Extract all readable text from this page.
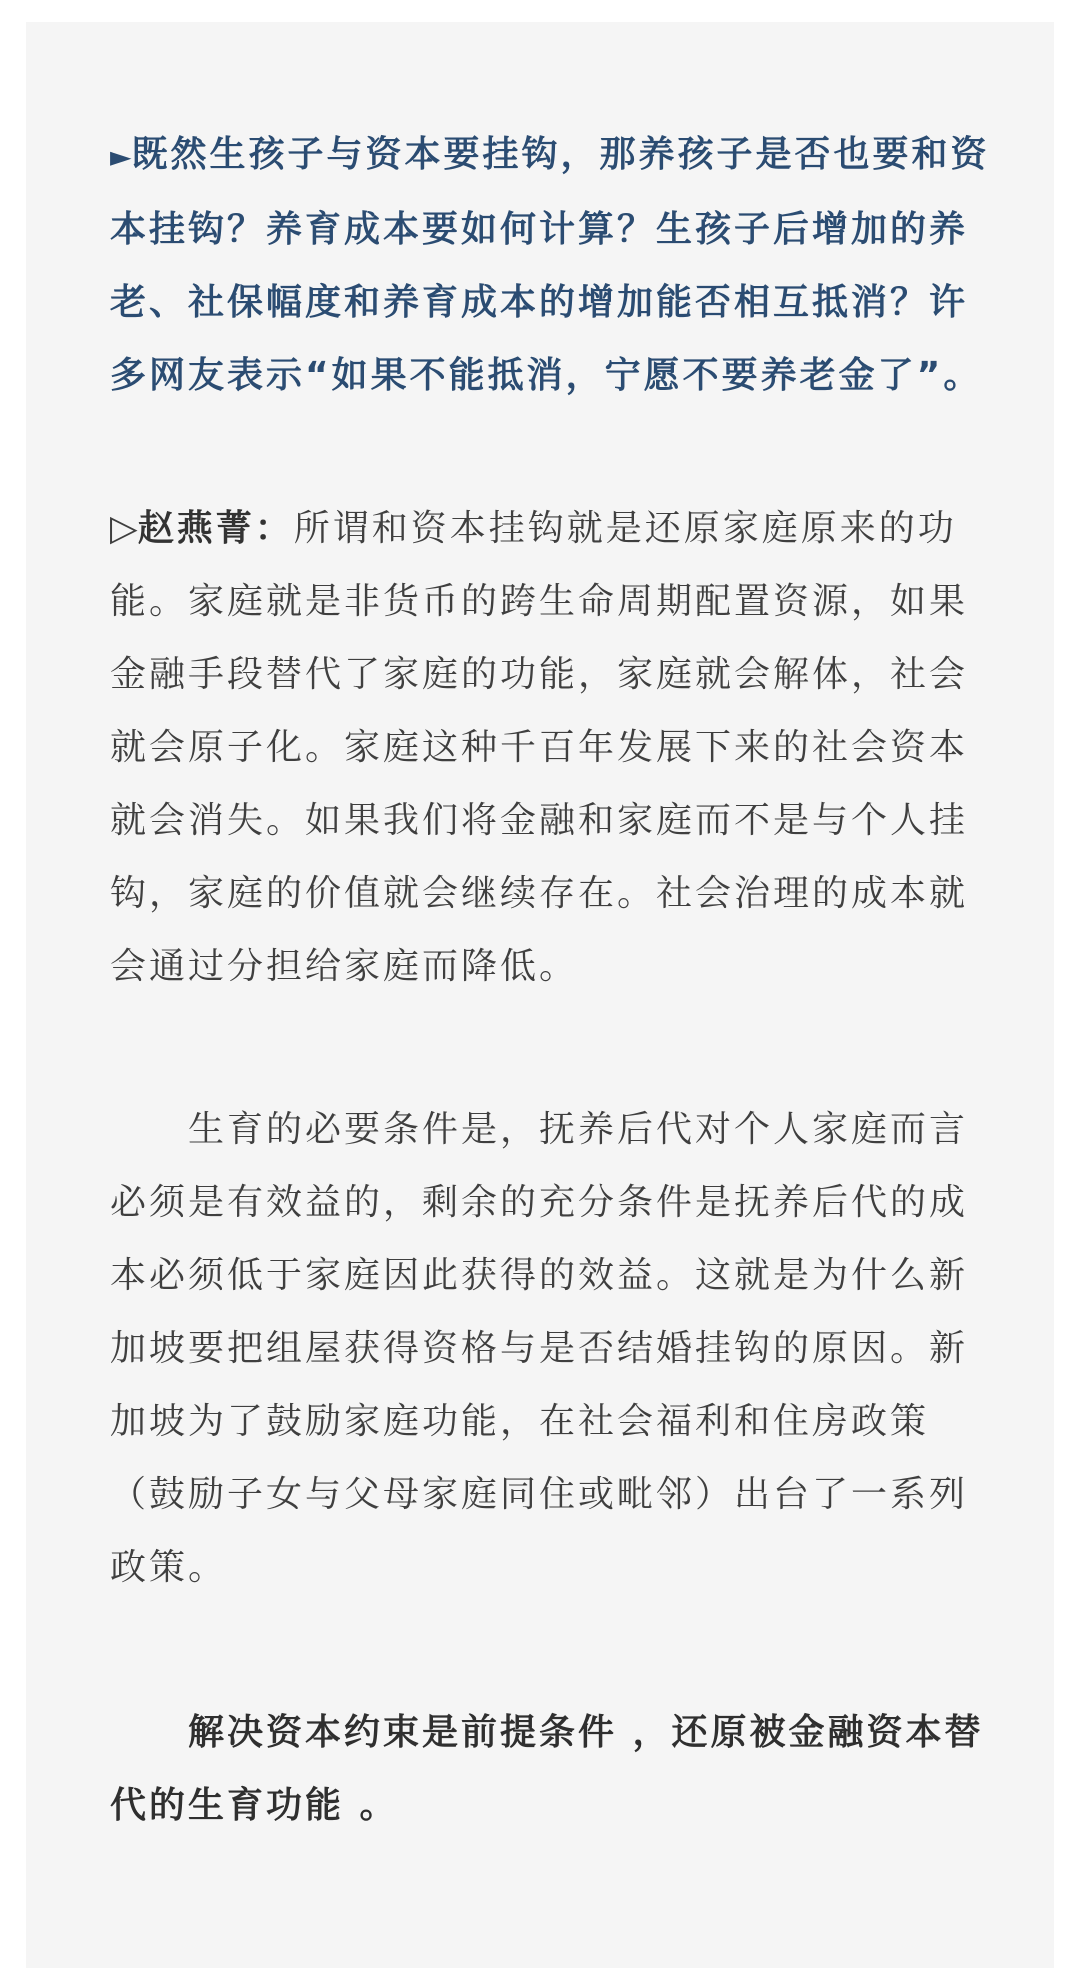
►既然生孩子与资本要挂钩，那养孩子是否也要和资本挂钩？养育成本要如何计算？生孩子后增加的养老、社保幅度和养育成本的增加能否相互抵消？许多网友表示“如果不能抵消，宁愿不要养老金了”。

▷赵燕菁：所谓和资本挂钩就是还原家庭原来的功能。家庭就是非货币的跨生命周期配置资源，如果金融手段替代了家庭的功能，家庭就会解体，社会就会原子化。家庭这种千百年发展下来的社会资本就会消失。如果我们将金融和家庭而不是与个人挂钩，家庭的价值就会继续存在。社会治理的成本就会通过分担给家庭而降低。

生育的必要条件是，抚养后代对个人家庭而言必须是有效益的，剩余的充分条件是抚养后代的成本必须低于家庭因此获得的效益。这就是为什么新加坡要把组屋获得资格与是否结婚挂钩的原因。新加坡为了鼓励家庭功能，在社会福利和住房政策（鼓励子女与父母家庭同住或毗邻）出台了一系列政策。

解决资本约束是前提条件 ，还原被金融资本替代的生育功能 。
